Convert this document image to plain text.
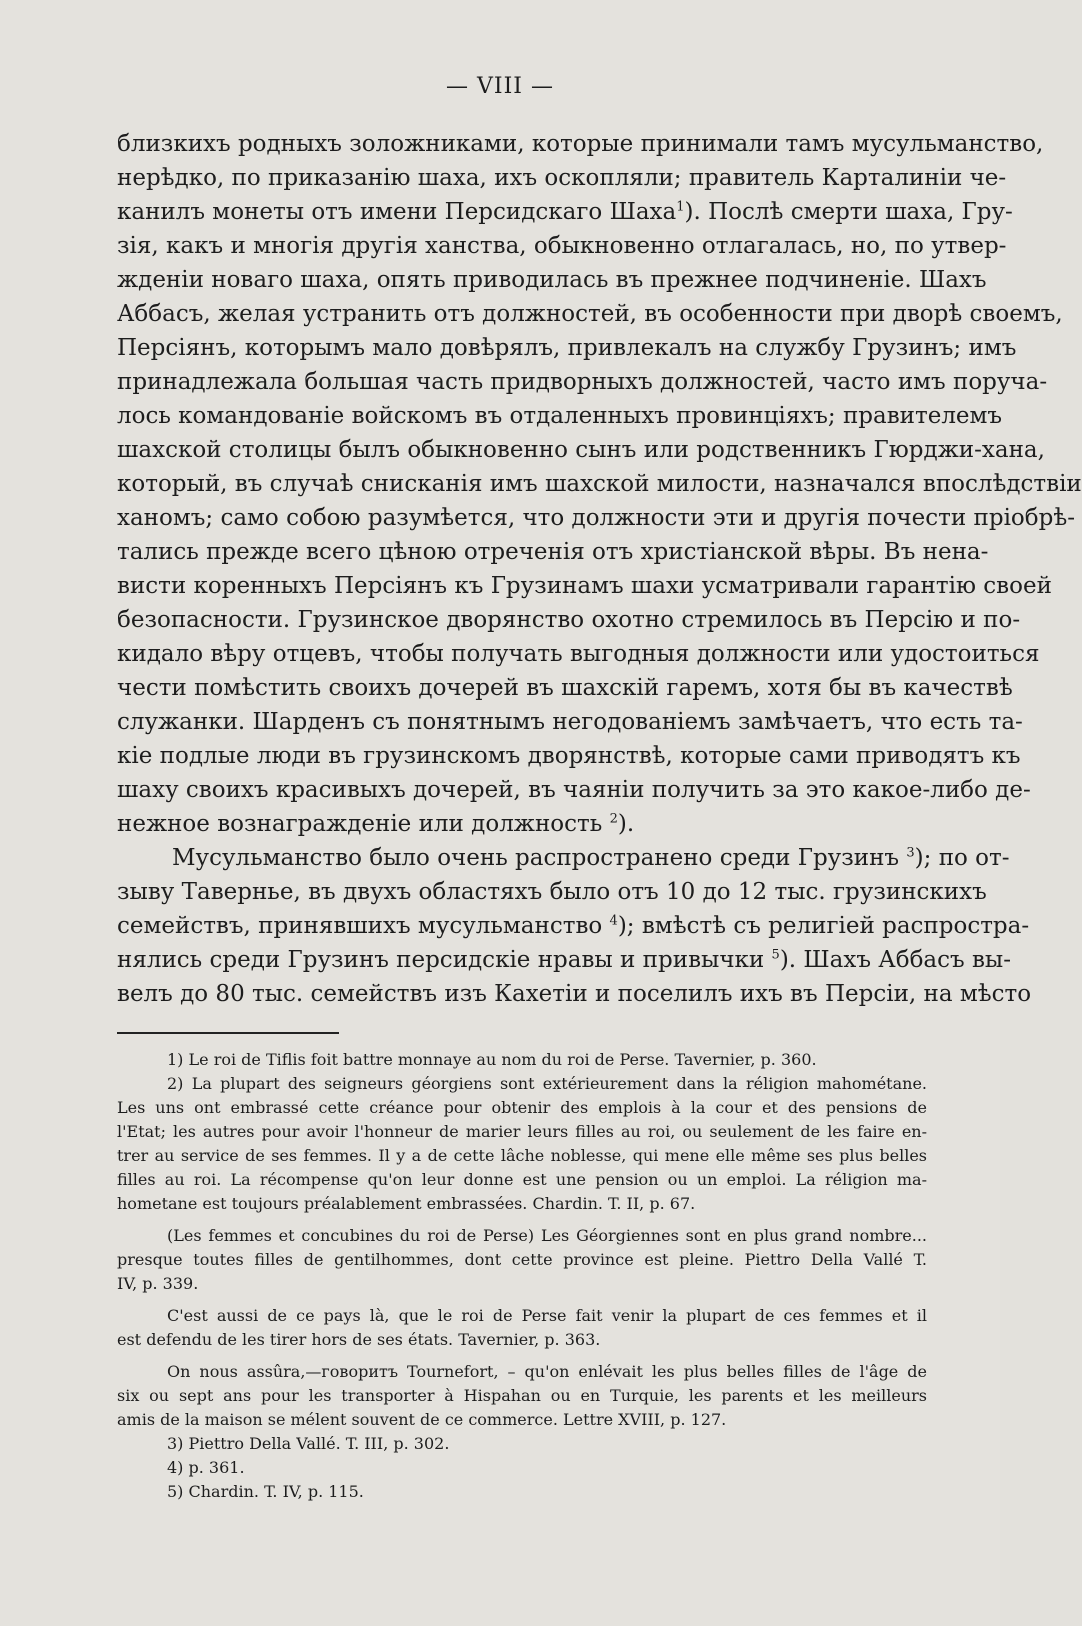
— VIII —
близкихъ родныхъ золожниками, которые принимали тамъ мусульманство,
нерѣдко, по приказанію шаха, ихъ оскопляли; правитель Карталиніи че-
канилъ монеты отъ имени Персидскаго Шаха$^1$). Послѣ смерти шаха, Гру-
зія, какъ и многія другія ханства, обыкновенно отлагалась, но, по утвер-
жденіи новаго шаха, опять приводилась въ прежнее подчиненіе. Шахъ
Аббасъ, желая устранить отъ должностей, въ особенности при дворѣ своемъ,
Персіянъ, которымъ мало довѣрялъ, привлекалъ на службу Грузинъ; имъ
принадлежала большая часть придворныхъ должностей, часто имъ поруча-
лось командованіе войскомъ въ отдаленныхъ провинціяхъ; правителемъ
шахской столицы былъ обыкновенно сынъ или родственникъ Гюрджи-хана,
который, въ случаѣ снисканія имъ шахской милости, назначался впослѣдствіи
ханомъ; само собою разумѣется, что должности эти и другія почести пріобрѣ-
тались прежде всего цѣною отреченія отъ христіанской вѣры. Въ нена-
висти коренныхъ Персіянъ къ Грузинамъ шахи усматривали гарантію своей
безопасности. Грузинское дворянство охотно стремилось въ Персію и по-
кидало вѣру отцевъ, чтобы получать выгодныя должности или удостоиться
чести помѣстить своихъ дочерей въ шахскій гаремъ, хотя бы въ качествѣ
служанки. Шарденъ съ понятнымъ негодованіемъ замѣчаетъ, что есть та-
кіе подлые люди въ грузинскомъ дворянствѣ, которые сами приводятъ къ
шаху своихъ красивыхъ дочерей, въ чаяніи получить за это какое-либо де-
нежное вознагражденіе или должность $^2$).
Мусульманство было очень распространено среди Грузинъ $^3$); по от-
зыву Тавернье, въ двухъ областяхъ было отъ 10 до 12 тыс. грузинскихъ
семействъ, принявшихъ мусульманство $^4$); вмѣстѣ съ религіей распростра-
нялись среди Грузинъ персидскіе нравы и привычки $^5$). Шахъ Аббасъ вы-
велъ до 80 тыс. семействъ изъ Кахетіи и поселилъ ихъ въ Персіи, на мѣсто
1) Le roi de Tiflis foit battre monnaye au nom du roi de Perse. Tavernier, p. 360.
2) La plupart des seigneurs géorgiens sont extérieurement dans la réligion mahométane.
Les uns ont embrassé cette créance pour obtenir des emplois à la cour et des pensions de
l'Etat; les autres pour avoir l'honneur de marier leurs filles au roi, ou seulement de les faire en-
trer au service de ses femmes. Il y a de cette lâche noblesse, qui mene elle même ses plus belles
filles au roi. La récompense qu'on leur donne est une pension ou un emploi. La réligion ma-
hometane est toujours préalablement embrassées. Chardin. T. II, p. 67.
(Les femmes et concubines du roi de Perse) Les Géorgiennes sont en plus grand nombre...
presque toutes filles de gentilhommes, dont cette province est pleine. Piettro Della Vallé T.
IV, p. 339.
C'est aussi de ce pays là, que le roi de Perse fait venir la plupart de ces femmes et il
est defendu de les tirer hors de ses états. Tavernier, p. 363.
On nous assûra,—говоритъ Tournefort, – qu'on enlévait les plus belles filles de l'âge de
six ou sept ans pour les transporter à Hispahan ou en Turquie, les parents et les meilleurs
amis de la maison se mélent souvent de ce commerce. Lettre XVIII, p. 127.
3) Piettro Della Vallé. T. III, p. 302.
4) p. 361.
5) Chardin. T. IV, p. 115.
